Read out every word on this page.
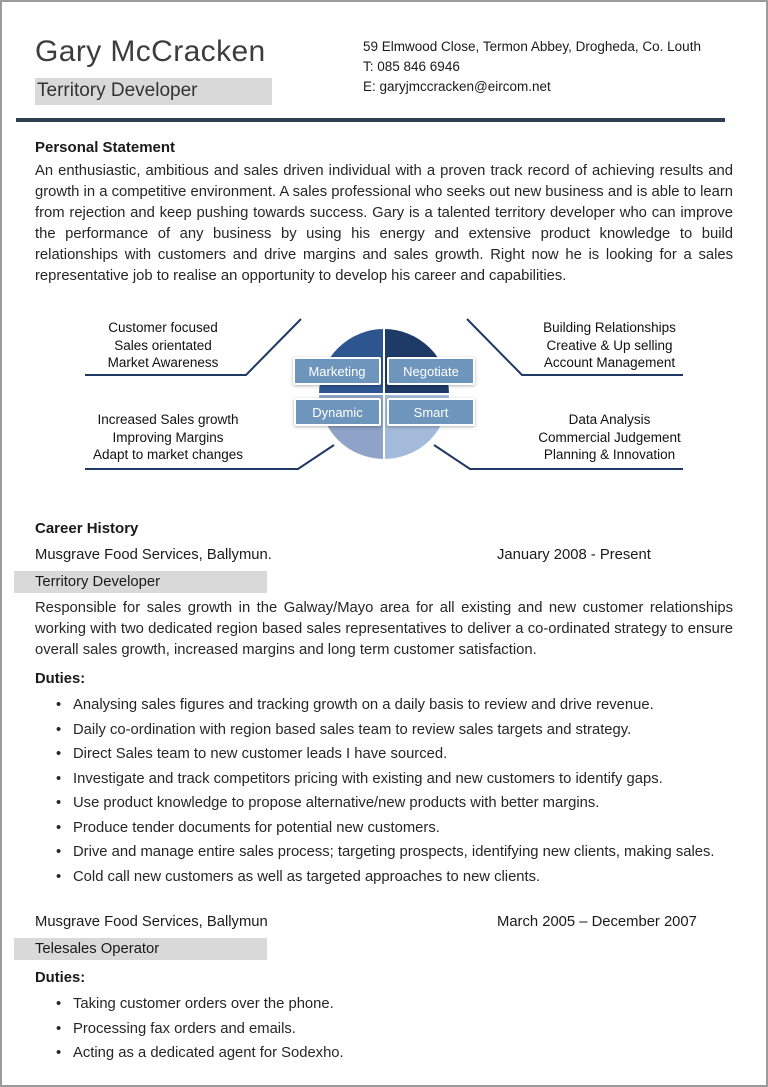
Gary McCracken
Territory Developer
59 Elmwood Close, Termon Abbey, Drogheda, Co. Louth
T: 085 846 6946
E: garyjmccracken@eircom.net
Personal Statement

An enthusiastic, ambitious and sales driven individual with a proven track record of achieving results and growth in a competitive environment. A sales professional who seeks out new business and is able to learn from rejection and keep pushing towards success. Gary is a talented territory developer who can improve the performance of any business by using his energy and extensive product knowledge to build relationships with customers and drive margins and sales growth. Right now he is looking for a sales representative job to realise an opportunity to develop his career and capabilities.

Customer focused
Sales orientated
Market Awareness
Building Relationships
Creative & Up selling
Account Management
Increased Sales growth
Improving Margins
Adapt to market changes
Data Analysis
Commercial Judgement
Planning & Innovation
Marketing	Negotiate
Dynamic	Smart
Career History
Musgrave Food Services, Ballymun.	January 2008 - Present
Territory Developer

Responsible for sales growth in the Galway/Mayo area for all existing and new customer relationships working with two dedicated region based sales representatives to deliver a co-ordinated strategy to ensure overall sales growth, increased margins and long term customer satisfaction.

Duties:
• Analysing sales figures and tracking growth on a daily basis to review and drive revenue.
• Daily co-ordination with region based sales team to review sales targets and strategy.
• Direct Sales team to new customer leads I have sourced.
• Investigate and track competitors pricing with existing and new customers to identify gaps.
• Use product knowledge to propose alternative/new products with better margins.
• Produce tender documents for potential new customers.
• Drive and manage entire sales process; targeting prospects, identifying new clients, making sales.
• Cold call new customers as well as targeted approaches to new clients.
Musgrave Food Services, Ballymun	March 2005 – December 2007
Telesales Operator
Duties:
• Taking customer orders over the phone.
• Processing fax orders and emails.
• Acting as a dedicated agent for Sodexho.
